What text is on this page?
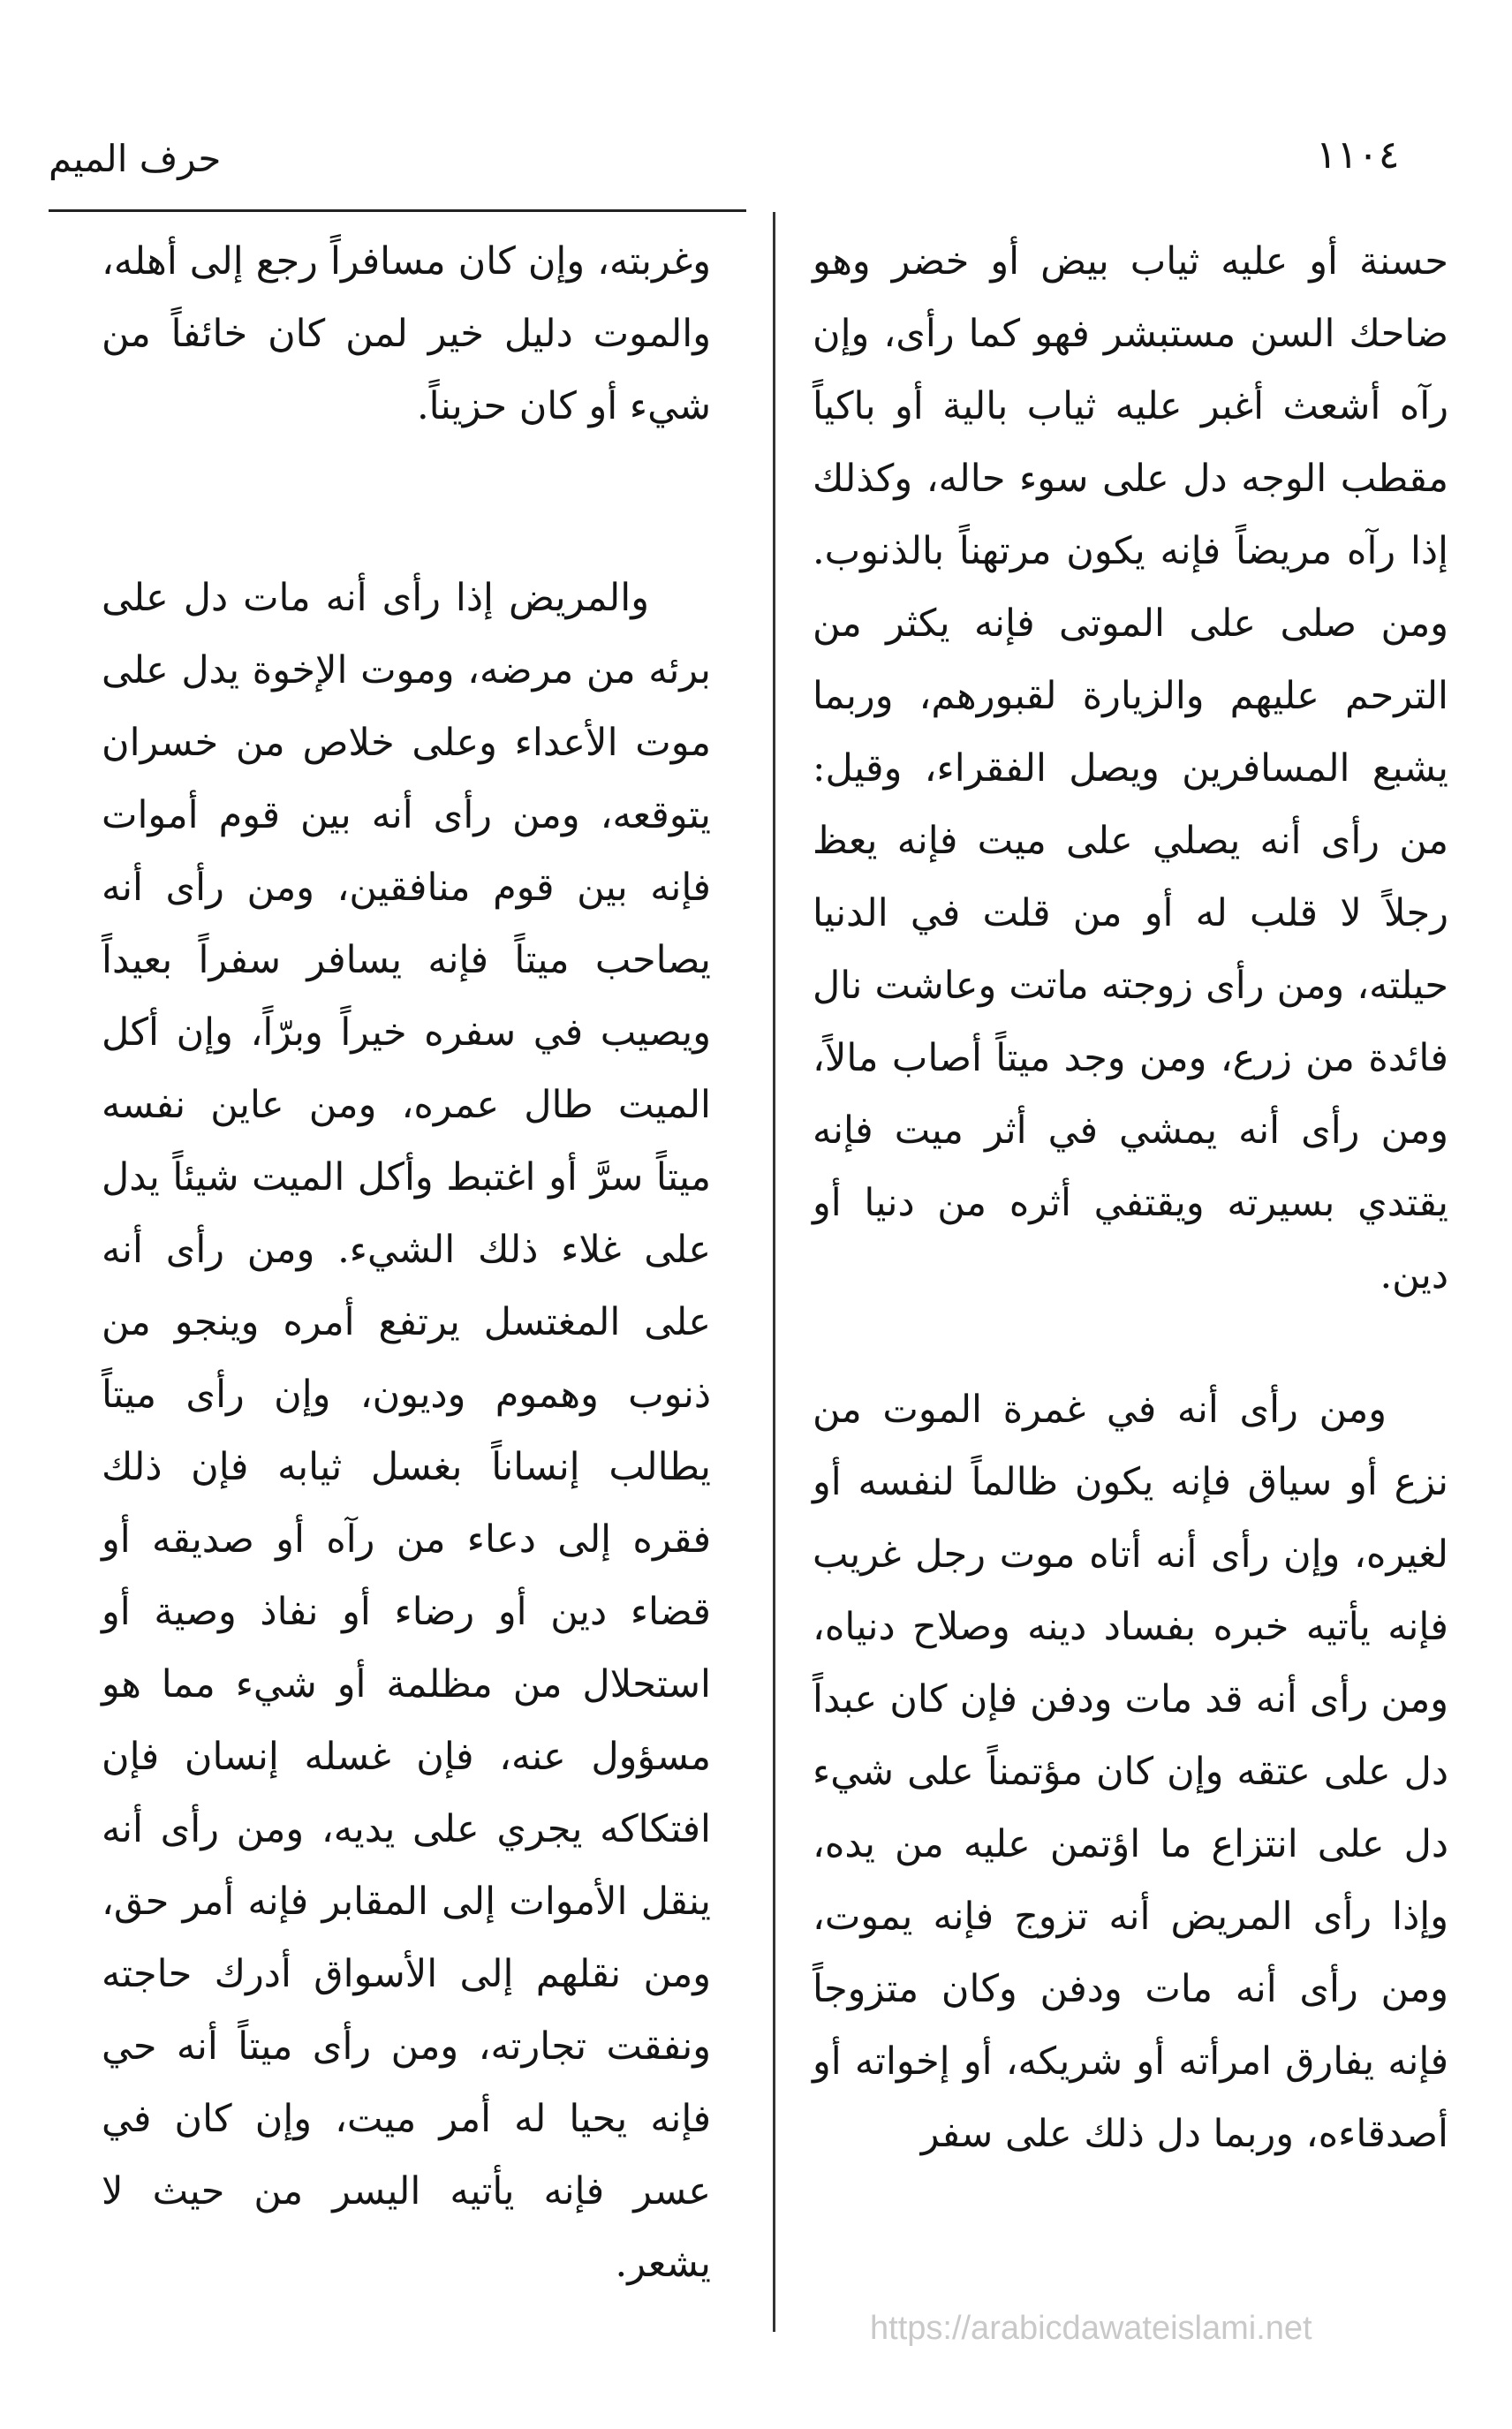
١١٠٤
حرف الميم

حسنة أو عليه ثياب بيض أو خضر وهو ضاحك السن مستبشر فهو كما رأى، وإن رآه أشعث أغبر عليه ثياب بالية أو باكياً مقطب الوجه دل على سوء حاله، وكذلك إذا رآه مريضاً فإنه يكون مرتهناً بالذنوب. ومن صلى على الموتى فإنه يكثر من الترحم عليهم والزيارة لقبورهم، وربما يشبع المسافرين ويصل الفقراء، وقيل: من رأى أنه يصلي على ميت فإنه يعظ رجلاً لا قلب له أو من قلت في الدنيا حيلته، ومن رأى زوجته ماتت وعاشت نال فائدة من زرع، ومن وجد ميتاً أصاب مالاً، ومن رأى أنه يمشي في أثر ميت فإنه يقتدي بسيرته ويقتفي أثره من دنيا أو دين.

ومن رأى أنه في غمرة الموت من نزع أو سياق فإنه يكون ظالماً لنفسه أو لغيره، وإن رأى أنه أتاه موت رجل غريب فإنه يأتيه خبره بفساد دينه وصلاح دنياه، ومن رأى أنه قد مات ودفن فإن كان عبداً دل على عتقه وإن كان مؤتمناً على شيء دل على انتزاع ما اؤتمن عليه من يده، وإذا رأى المريض أنه تزوج فإنه يموت، ومن رأى أنه مات ودفن وكان متزوجاً فإنه يفارق امرأته أو شريكه، أو إخواته أو أصدقاءه، وربما دل ذلك على سفر

وغربته، وإن كان مسافراً رجع إلى أهله، والموت دليل خير لمن كان خائفاً من شيء أو كان حزيناً.

والمريض إذا رأى أنه مات دل على برئه من مرضه، وموت الإخوة يدل على موت الأعداء وعلى خلاص من خسران يتوقعه، ومن رأى أنه بين قوم أموات فإنه بين قوم منافقين، ومن رأى أنه يصاحب ميتاً فإنه يسافر سفراً بعيداً ويصيب في سفره خيراً وبرّاً، وإن أكل الميت طال عمره، ومن عاين نفسه ميتاً سرَّ أو اغتبط وأكل الميت شيئاً يدل على غلاء ذلك الشيء. ومن رأى أنه على المغتسل يرتفع أمره وينجو من ذنوب وهموم وديون، وإن رأى ميتاً يطالب إنساناً بغسل ثيابه فإن ذلك فقره إلى دعاء من رآه أو صديقه أو قضاء دين أو رضاء أو نفاذ وصية أو استحلال من مظلمة أو شيء مما هو مسؤول عنه، فإن غسله إنسان فإن افتكاكه يجري على يديه، ومن رأى أنه ينقل الأموات إلى المقابر فإنه أمر حق، ومن نقلهم إلى الأسواق أدرك حاجته ونفقت تجارته، ومن رأى ميتاً أنه حي فإنه يحيا له أمر ميت، وإن كان في عسر فإنه يأتيه اليسر من حيث لا يشعر.

https://arabicdawateislami.net
